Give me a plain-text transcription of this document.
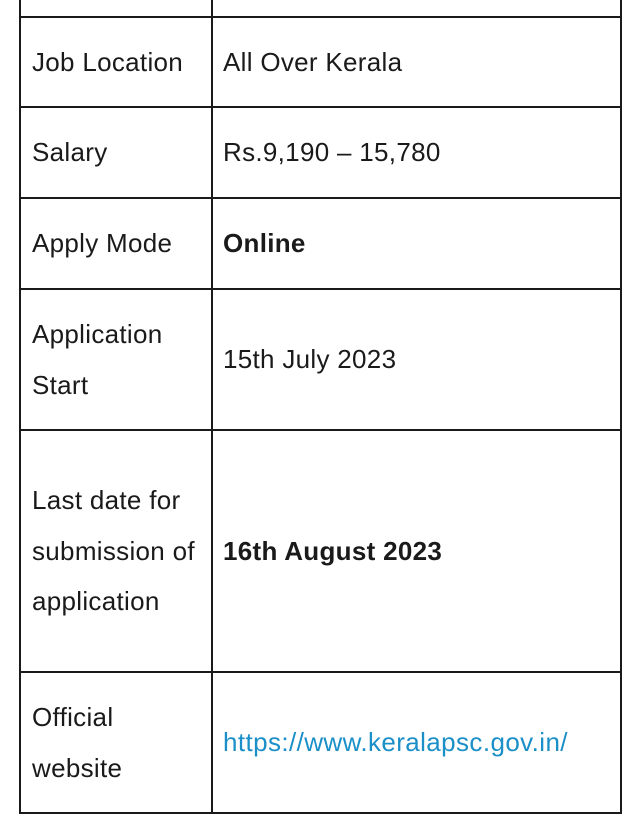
Job Location	All Over Kerala
Salary	Rs.9,190 – 15,780
Apply Mode	Online
Application Start	15th July 2023
Last date for submission of application	16th August 2023
Official website	https://www.keralapsc.gov.in/
